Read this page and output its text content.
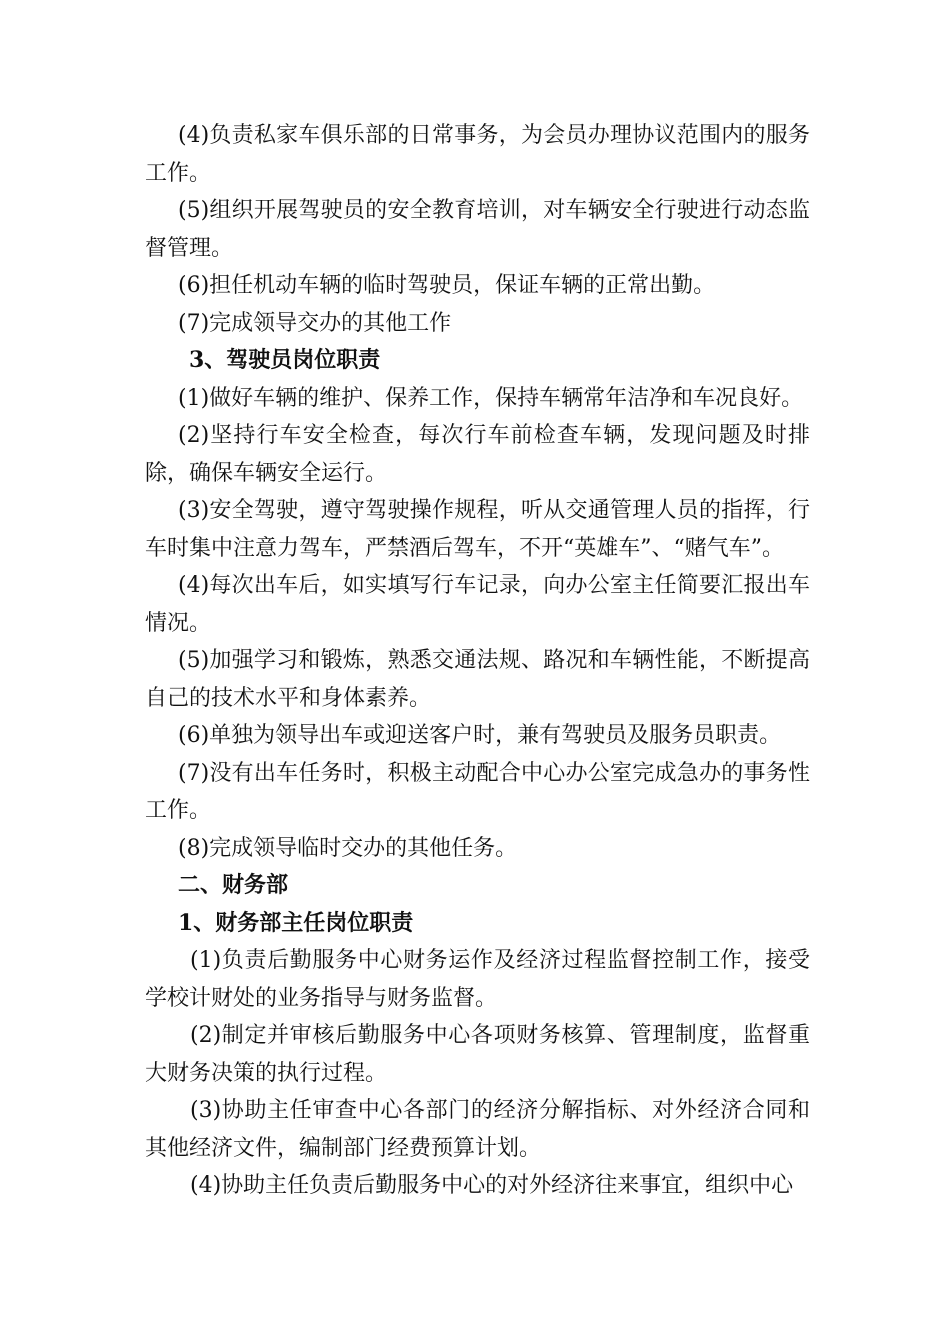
(4)负责私家车俱乐部的日常事务，为会员办理协议范围内的服务工作。

(5)组织开展驾驶员的安全教育培训，对车辆安全行驶进行动态监督管理。

(6)担任机动车辆的临时驾驶员，保证车辆的正常出勤。

(7)完成领导交办的其他工作

3、驾驶员岗位职责

(1)做好车辆的维护、保养工作，保持车辆常年洁净和车况良好。

(2)坚持行车安全检查，每次行车前检查车辆，发现问题及时排除，确保车辆安全运行。

(3)安全驾驶，遵守驾驶操作规程，听从交通管理人员的指挥，行车时集中注意力驾车，严禁酒后驾车，不开“英雄车”、“赌气车”。

(4)每次出车后，如实填写行车记录，向办公室主任简要汇报出车情况。

(5)加强学习和锻炼，熟悉交通法规、路况和车辆性能，不断提高自己的技术水平和身体素养。

(6)单独为领导出车或迎送客户时，兼有驾驶员及服务员职责。

(7)没有出车任务时，积极主动配合中心办公室完成急办的事务性工作。

(8)完成领导临时交办的其他任务。

二、财务部

1、财务部主任岗位职责

(1)负责后勤服务中心财务运作及经济过程监督控制工作，接受学校计财处的业务指导与财务监督。

(2)制定并审核后勤服务中心各项财务核算、管理制度，监督重大财务决策的执行过程。

(3)协助主任审查中心各部门的经济分解指标、对外经济合同和其他经济文件，编制部门经费预算计划。

(4)协助主任负责后勤服务中心的对外经济往来事宜，组织中心
